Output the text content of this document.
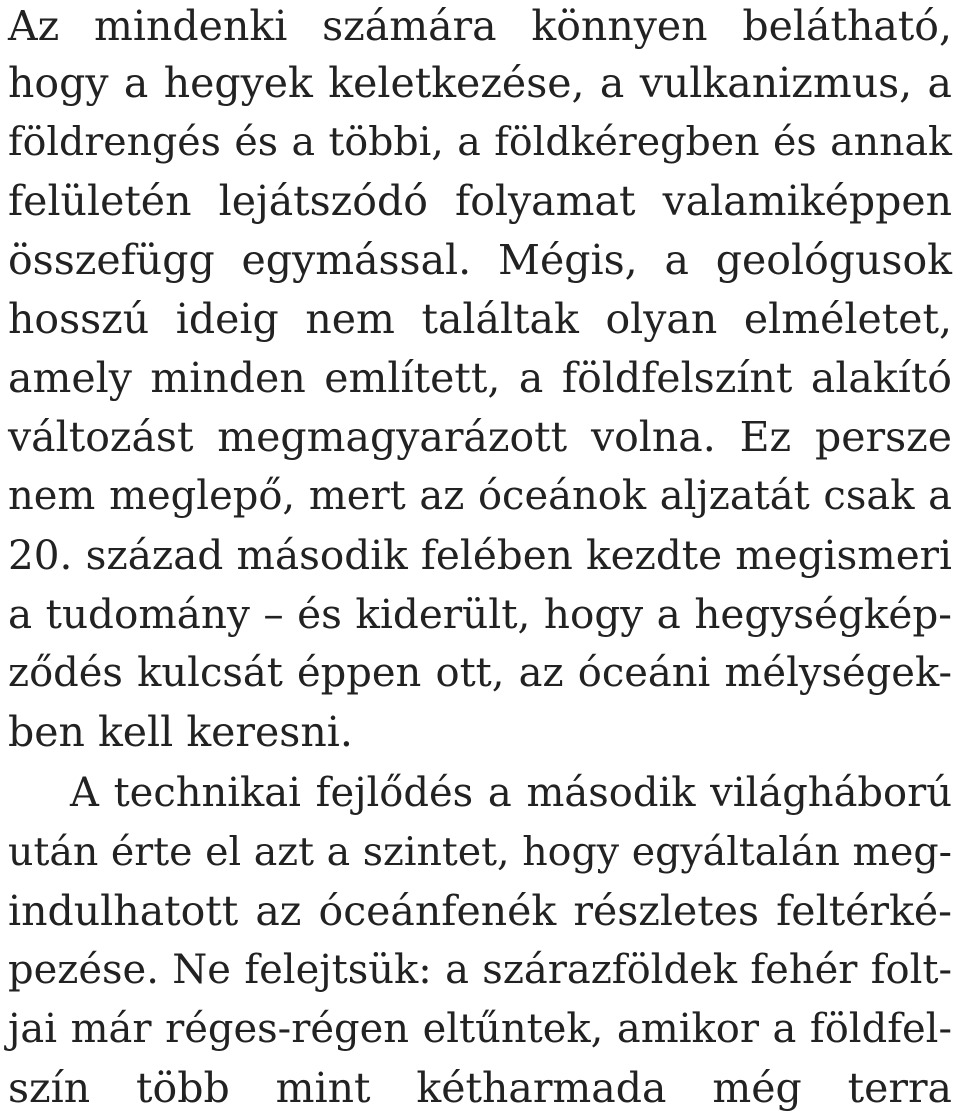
Az mindenki számára könnyen belátható,
hogy a hegyek keletkezése, a vulkanizmus, a
földrengés és a többi, a földkéregben és annak
felületén lejátszódó folyamat valamiképpen
összefügg egymással. Mégis, a geológusok
hosszú ideig nem találtak olyan elméletet,
amely minden említett, a földfelszínt alakító
változást megmagyarázott volna. Ez persze
nem meglepő, mert az óceánok aljzatát csak a
20. század második felében kezdte megismeri
a tudomány – és kiderült, hogy a hegységkép-
ződés kulcsát éppen ott, az óceáni mélységek-
ben kell keresni.
A technikai fejlődés a második világháború
után érte el azt a szintet, hogy egyáltalán meg-
indulhatott az óceánfenék részletes feltérké-
pezése. Ne felejtsük: a szárazföldek fehér folt-
jai már réges-régen eltűntek, amikor a földfel-
szín több mint kétharmada még terra
